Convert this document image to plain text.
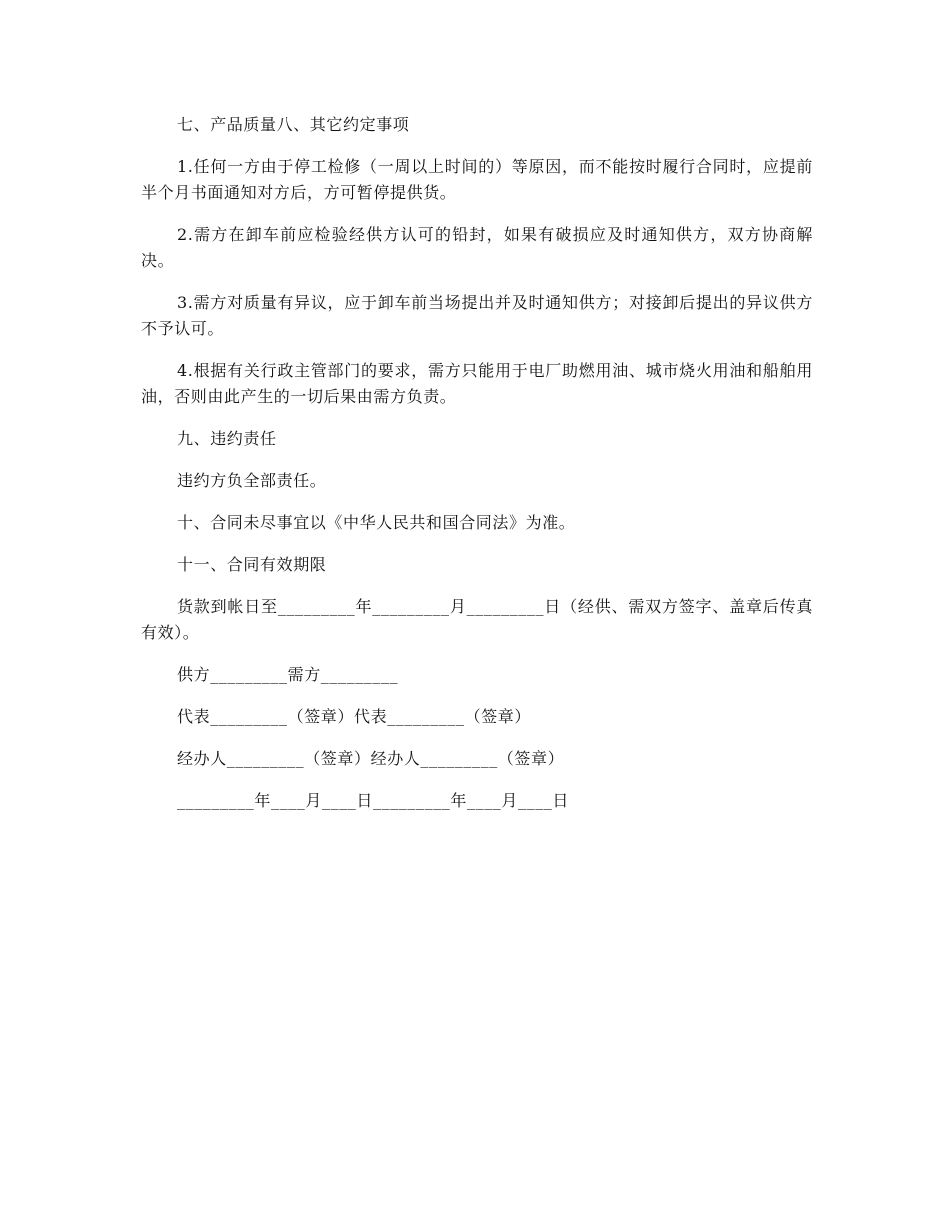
七、产品质量八、其它约定事项

1.任何一方由于停工检修（一周以上时间的）等原因，而不能按时履行合同时，应提前半个月书面通知对方后，方可暂停提供货。

2.需方在卸车前应检验经供方认可的铅封，如果有破损应及时通知供方，双方协商解决。

3.需方对质量有异议，应于卸车前当场提出并及时通知供方；对接卸后提出的异议供方不予认可。

4.根据有关行政主管部门的要求，需方只能用于电厂助燃用油、城市烧火用油和船舶用油，否则由此产生的一切后果由需方负责。

九、违约责任

违约方负全部责任。

十、合同未尽事宜以《中华人民共和国合同法》为准。

十一、合同有效期限

货款到帐日至_________年_________月_________日（经供、需双方签字、盖章后传真有效）。

供方_________需方_________

代表_________（签章）代表_________（签章）

经办人_________（签章）经办人_________（签章）

_________年____月____日_________年____月____日
